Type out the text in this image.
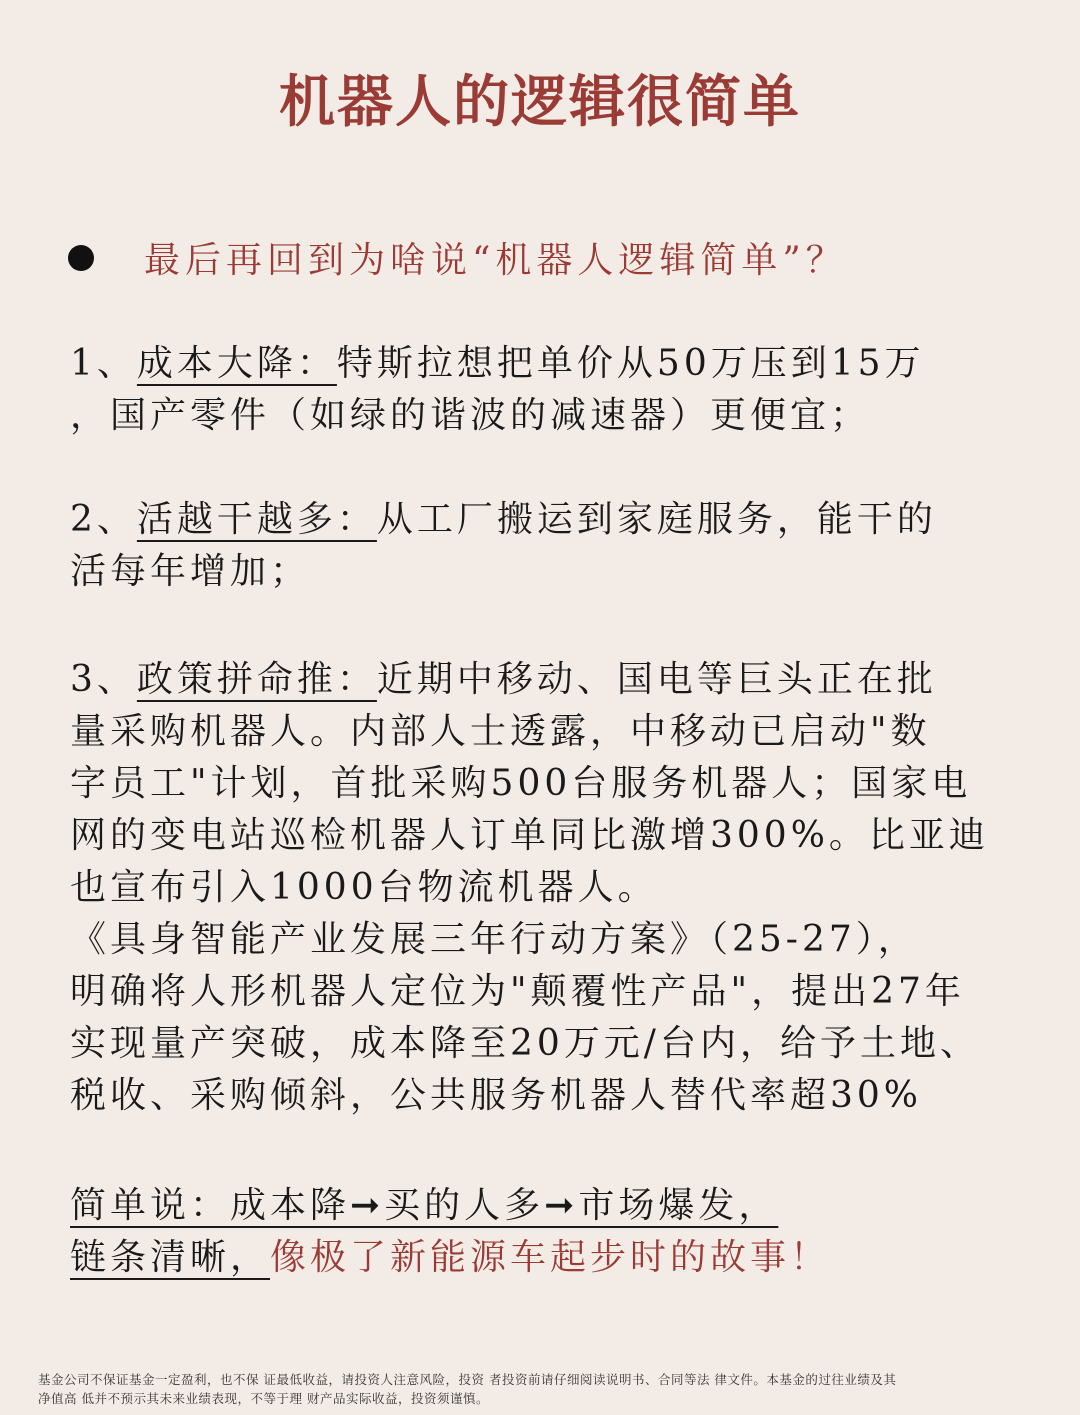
机器人的逻辑很简单
最后再回到为啥说“机器人逻辑简单”？
1、成本大降：特斯拉想把单价从50万压到15万
，国产零件（如绿的谐波的减速器）更便宜；
2、活越干越多：从工厂搬运到家庭服务，能干的
活每年增加；
3、政策拼命推：近期中移动、国电等巨头正在批
量采购机器人。内部人士透露，中移动已启动"数
字员工"计划，首批采购500台服务机器人；国家电
网的变电站巡检机器人订单同比激增300%。比亚迪
也宣布引入1000台物流机器人。
《具身智能产业发展三年行动方案》（25-27），
明确将人形机器人定位为"颠覆性产品"，提出27年
实现量产突破，成本降至20万元/台内，给予土地、
税收、采购倾斜，公共服务机器人替代率超30%
简单说：成本降➞买的人多➞市场爆发，
链条清晰，像极了新能源车起步时的故事！
基金公司不保证基金一定盈利，也不保 证最低收益，请投资人注意风险，投资 者投资前请仔细阅读说明书、合同等法 律文件。本基金的过往业绩及其
净值高 低并不预示其未来业绩表现，不等于理 财产品实际收益，投资须谨慎。
